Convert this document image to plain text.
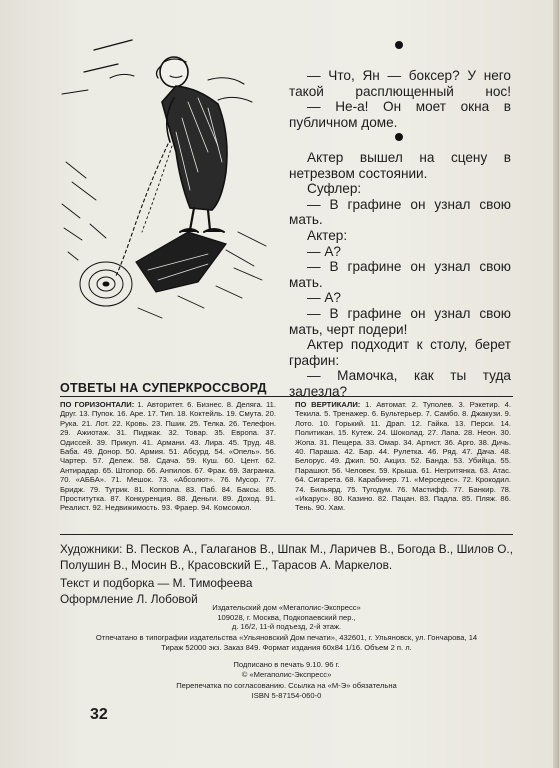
— Что, Ян — боксер? У него такой расплющенный нос!

— Не-а! Он моет окна в публичном доме.

Актер вышел на сцену в нетрезвом состоянии.

Суфлер:

— В графине он узнал свою мать.

Актер:

— А?

— В графине он узнал свою мать.

— А?

— В графине он узнал свою мать, черт подери!

Актер подходит к столу, берет графин:

— Мамочка, как ты туда залезла?

ОТВЕТЫ НА СУПЕРКРОССВОРД
ПО ГОРИЗОНТАЛИ: 1. Авторитет. 6. Бизнес. 8. Деляга. 11. Друг. 13. Пупок. 16. Аре. 17. Тип. 18. Коктейль. 19. Смута. 20. Рука. 21. Лот. 22. Кровь. 23. Пшик. 25. Телка. 26. Телефон. 29. Ажиотаж. 31. Пиджак. 32. Товар. 35. Европа. 37. Одиссей. 39. Прикуп. 41. Армани. 43. Лира. 45. Труд. 48. Баба. 49. Донор. 50. Армия. 51. Абсурд. 54. «Опель». 56. Чартер. 57. Дележ. 58. Сдача. 59. Куш. 60. Цент. 62. Антирадар. 65. Штопор. 66. Анпилов. 67. Фрак. 69. Загранка. 70. «АББА». 71. Мешок. 73. «Абсолют». 76. Мусор. 77. Бридж. 79. Тугрик. 81. Коппола. 83. Паб. 84. Баксы. 85. Проститутка. 87. Конкуренция. 88. Деньги. 89. Доход. 91. Реалист. 92. Недвижимость. 93. Фраер. 94. Комсомол.
ПО ВЕРТИКАЛИ: 1. Автомат. 2. Туполев. 3. Рэкетир. 4. Текила. 5. Тренажер. 6. Бультерьер. 7. Самбо. 8. Джакузи. 9. Лото. 10. Горький. 11. Драп. 12. Гайка. 13. Перси. 14. Политикан. 15. Кутеж. 24. Шоколад. 27. Лапа. 28. Неон. 30. Жопа. 31. Пещера. 33. Омар. 34. Артист. 36. Арго. 38. Дичь. 40. Параша. 42. Бар. 44. Рулетка. 46. Ряд. 47. Дача. 48. Белорус. 49. Джип. 50. Акциз. 52. Банда. 53. Убийца. 55. Парашют. 56. Человек. 59. Крыша. 61. Негритянка. 63. Атас. 64. Сигарета. 68. Карабинер. 71. «Мерседес». 72. Крокодил. 74. Бильярд. 75. Тугодум. 76. Мастифф. 77. Банкир. 78. «Икарус». 80. Казино. 82. Пацан. 83. Падла. 85. Пляж. 86. Тень. 90. Хам.
Художники: В. Песков А., Галаганов В., Шпак М., Ларичев В., Богода В., Шилов О., Полушин В., Мосин В., Красовский Е., Тарасов А. Маркелов.
Текст и подборка — М. Тимофеева
Оформление Л. Лобовой
Издательский дом «Мегаполис-Экспресс»
109028, г. Москва, Подкопаевский пер.,
д. 16/2, 11-й подъезд, 2-й этаж.
Отпечатано в типографии издательства «Ульяновский Дом печати», 432601, г. Ульяновск, ул. Гончарова, 14
Тираж 52000 экз. Заказ 849. Формат издания 60х84 1/16. Объем 2 п. л.
Подписано в печать 9.10. 96 г.
© «Мегаполис-Экспресс»
Перепечатка по согласованию. Ссылка на «М-Э» обязательна
ISBN 5-87154-060-0
32
